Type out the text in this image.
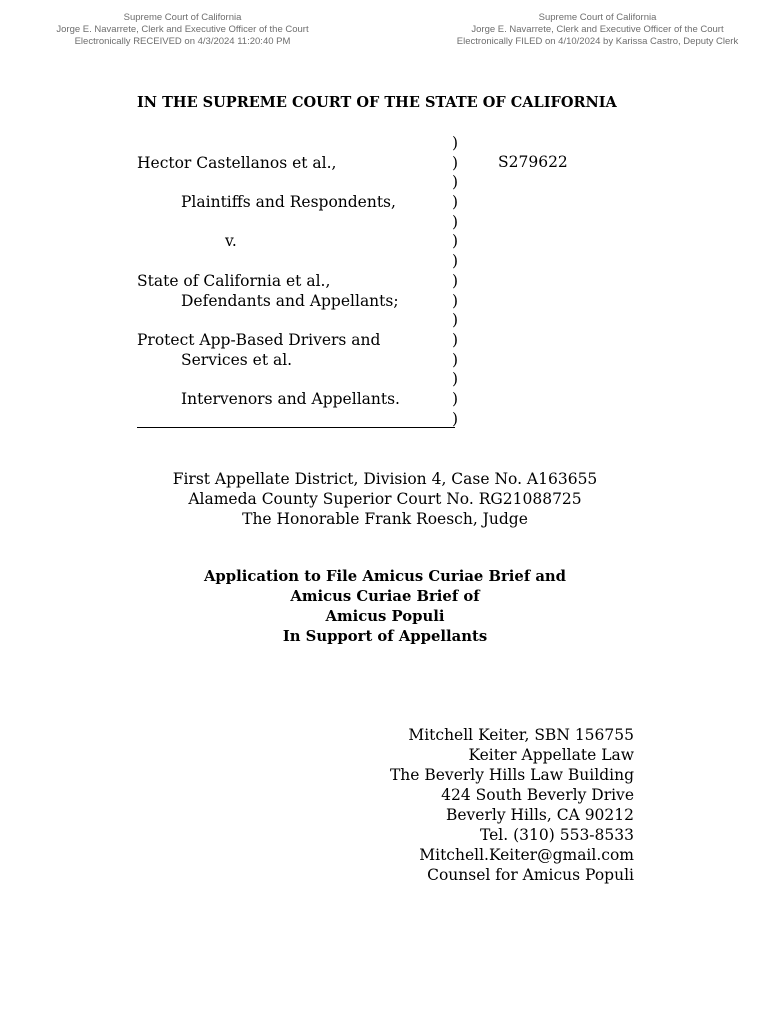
Supreme Court of California
Jorge E. Navarrete, Clerk and Executive Officer of the Court
Electronically RECEIVED on 4/3/2024 11:20:40 PM
Supreme Court of California
Jorge E. Navarrete, Clerk and Executive Officer of the Court
Electronically FILED on 4/10/2024 by Karissa Castro, Deputy Clerk
IN THE SUPREME COURT OF THE STATE OF CALIFORNIA
Hector Castellanos et al.,
Plaintiffs and Respondents,
v.
State of California et al.,
Defendants and Appellants;
Protect App-Based Drivers and
Services et al.
Intervenors and Appellants.
)
)
)
)
)
)
)
)
)
)
)
)
)
)
)
S279622
First Appellate District, Division 4, Case No. A163655
Alameda County Superior Court No. RG21088725
The Honorable Frank Roesch, Judge
Application to File Amicus Curiae Brief and
Amicus Curiae Brief of
Amicus Populi
In Support of Appellants
Mitchell Keiter, SBN 156755
Keiter Appellate Law
The Beverly Hills Law Building
424 South Beverly Drive
Beverly Hills, CA 90212
Tel. (310) 553-8533
Mitchell.Keiter@gmail.com
Counsel for Amicus Populi
